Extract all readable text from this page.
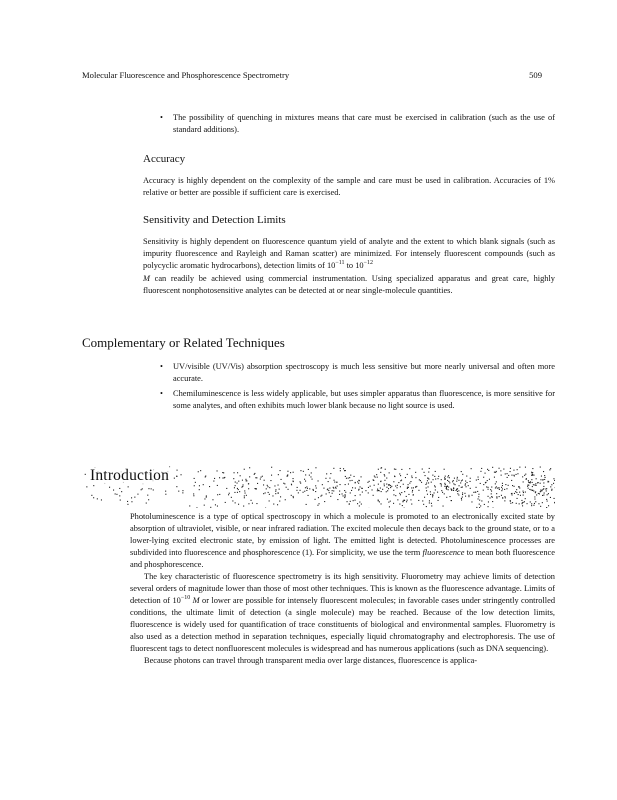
Molecular Fluorescence and Phosphorescence Spectrometry	509
• The possibility of quenching in mixtures means that care must be exercised in calibration (such as the use of standard additions).
Accuracy
Accuracy is highly dependent on the complexity of the sample and care must be used in calibration. Accuracies of 1% relative or better are possible if sufficient care is exercised.
Sensitivity and Detection Limits
Sensitivity is highly dependent on fluorescence quantum yield of analyte and the extent to which blank signals (such as impurity fluorescence and Rayleigh and Raman scatter) are minimized. For intensely fluorescent compounds (such as polycyclic aromatic hydrocarbons), detection limits of $10^{-11}$ to $10^{-12}$
M can readily be achieved using commercial instrumentation. Using specialized apparatus and great care, highly fluorescent nonphotosensitive analytes can be detected at or near single-molecule quantities.
Complementary or Related Techniques
• UV/visible (UV/Vis) absorption spectroscopy is much less sensitive but more nearly universal and often more accurate.
• Chemiluminescence is less widely applicable, but uses simpler apparatus than fluorescence, is more sensitive for some analytes, and often exhibits much lower blank because no light source is used.
Introduction

Photoluminescence is a type of optical spectroscopy in which a molecule is promoted to an electronically excited state by absorption of ultraviolet, visible, or near infrared radiation. The excited molecule then decays back to the ground state, or to a lower-lying excited electronic state, by emission of light. The emitted light is detected. Photoluminescence processes are subdivided into fluorescence and phosphorescence (1). For simplicity, we use the term fluorescence to mean both fluorescence and phosphorescence.

The key characteristic of fluorescence spectrometry is its high sensitivity. Fluorometry may achieve limits of detection several orders of magnitude lower than those of most other techniques. This is known as the fluorescence advantage. Limits of detection of $10^{-10}$ M or lower are possible for intensely fluorescent molecules; in favorable cases under stringently controlled conditions, the ultimate limit of detection (a single molecule) may be reached. Because of the low detection limits, fluorescence is widely used for quantification of trace constituents of biological and environmental samples. Fluorometry is also used as a detection method in separation techniques, especially liquid chromatography and electrophoresis. The use of fluorescent tags to detect nonfluorescent molecules is widespread and has numerous applications (such as DNA sequencing).

Because photons can travel through transparent media over large distances, fluorescence is applica-
